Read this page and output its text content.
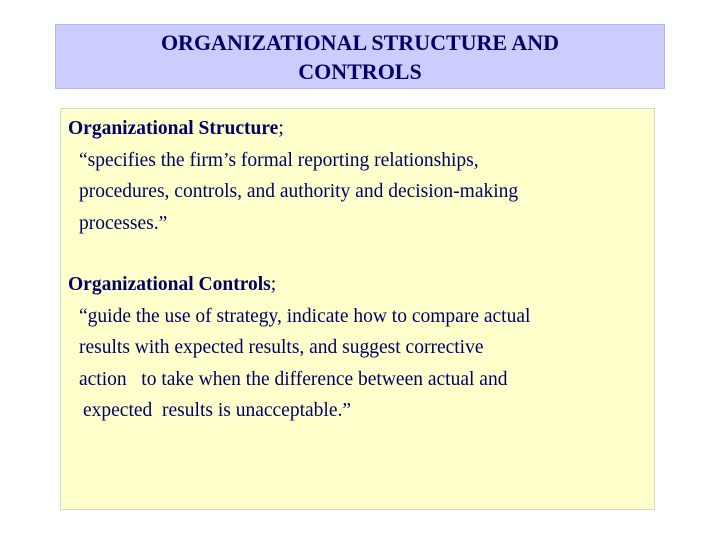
ORGANIZATIONAL STRUCTURE AND CONTROLS
Organizational Structure;
“specifies the firm’s formal reporting relationships,
procedures, controls, and authority and decision-making
processes.”
Organizational Controls;
“guide the use of strategy, indicate how to compare actual
results with expected results, and suggest corrective
action   to take when the difference between actual and
expected  results is unacceptable.”
